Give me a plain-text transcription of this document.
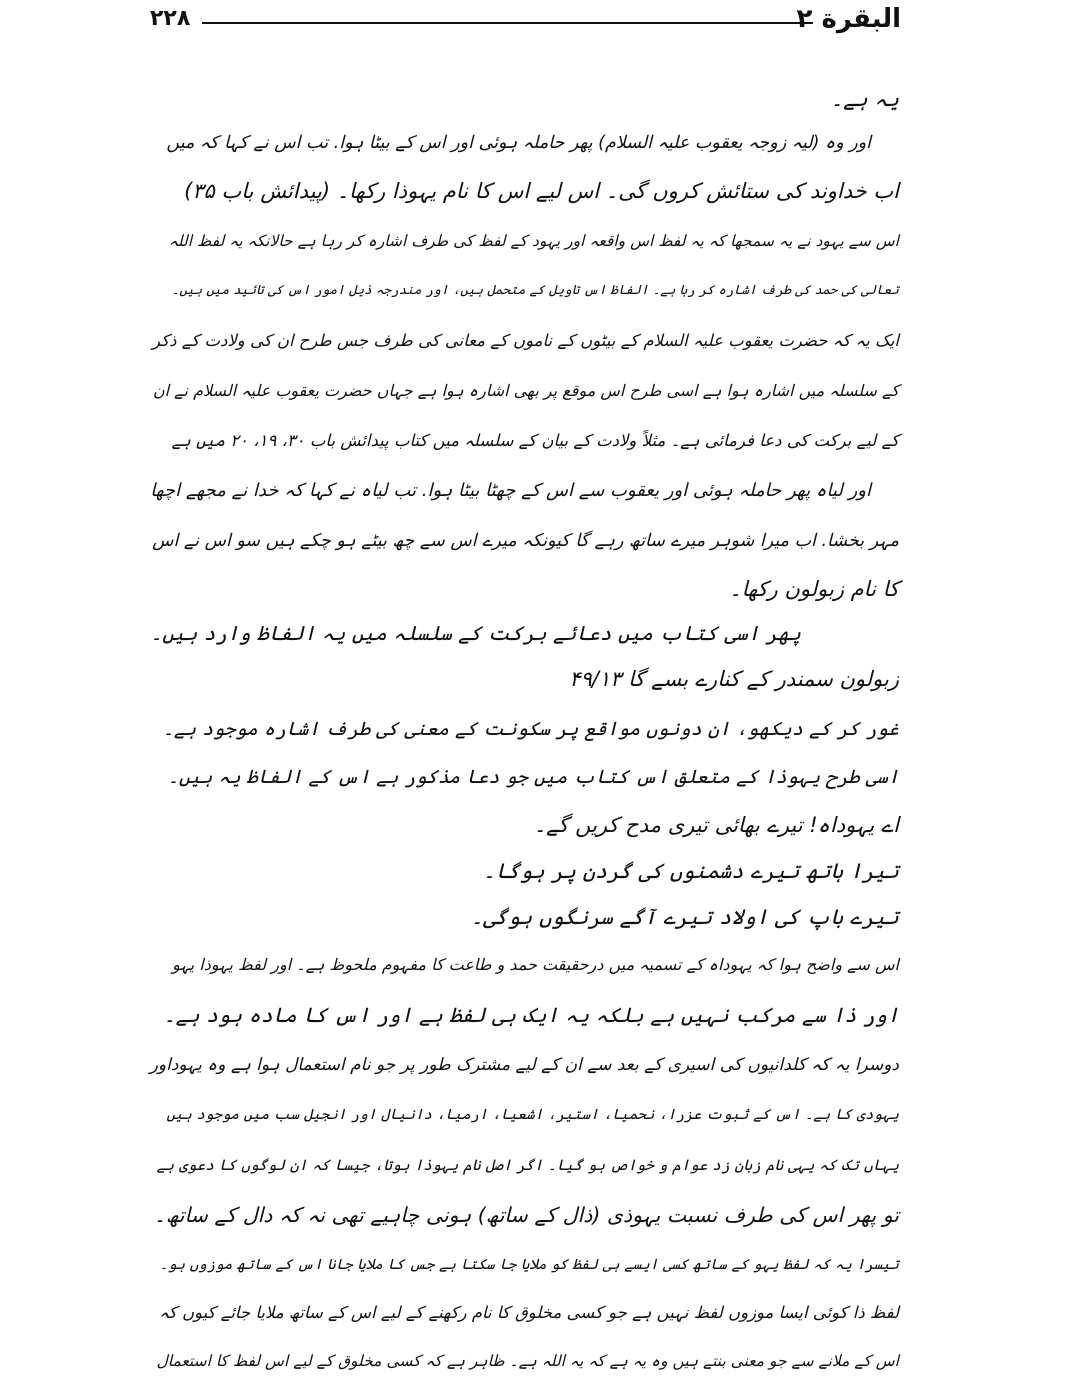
۲۲۸	البقرة ۲
یہ ہے۔
اور وہ (لیہ زوجہ یعقوب علیہ السلام) پھر حاملہ ہوئی اور اس کے بیٹا ہوا. تب اس نے کہا کہ میں
اب خداوند کی ستائش کروں گی۔ اس لیے اس کا نام یہوذا رکھا۔ (پیدائش باب ۳۵)
اس سے یہود نے یہ سمجھا کہ یہ لفظ اس واقعہ اور یہود کے لفظ کی طرف اشارہ کر رہا ہے حالانکہ یہ لفظ اللہ
تعالی کی حمد کی طرف اشارہ کر رہا ہے۔ الفاظ اس تاویل کے متحمل ہیں، اور مندرجہ ذیل امور اس کی تائید میں ہیں۔
ایک یہ کہ حضرت یعقوب علیہ السلام کے بیٹوں کے ناموں کے معانی کی طرف جس طرح ان کی ولادت کے ذکر
کے سلسلہ میں اشارہ ہوا ہے اسی طرح اس موقع پر بھی اشارہ ہوا ہے جہاں حضرت یعقوب علیہ السلام نے ان
کے لیے برکت کی دعا فرمائی ہے۔ مثلاً ولادت کے بیان کے سلسلہ میں کتاب پیدائش باب ۳۰، ۱۹، ۲۰ میں ہے
اور لیاہ پھر حاملہ ہوئی اور یعقوب سے اس کے چھٹا بیٹا ہوا. تب لیاہ نے کہا کہ خدا نے مجھے اچھا
مہر بخشا. اب میرا شوہر میرے ساتھ رہے گا کیونکہ میرے اس سے چھ بیٹے ہو چکے ہیں سو اس نے اس
کا نام زبولون رکھا۔
پھر اسی کتاب میں دعائے برکت کے سلسلہ میں یہ الفاظ وارد ہیں۔
زبولون سمندر کے کنارے بسے گا ۴۹/۱۳
غور کر کے دیکھو، ان دونوں مواقع پر سکونت کے معنی کی طرف اشارہ موجود ہے۔
اسی طرح یہوذا کے متعلق اس کتاب میں جو دعا مذکور ہے اس کے الفاظ یہ ہیں۔
اے یہوداہ! تیرے بھائی تیری مدح کریں گے۔
تیرا ہاتھ تیرے دشمنوں کی گردن پر ہوگا۔
تیرے باپ کی اولاد تیرے آگے سرنگوں ہوگی۔
اس سے واضح ہوا کہ یہوداہ کے تسمیہ میں درحقیقت حمد و طاعت کا مفہوم ملحوظ ہے۔ اور لفظ یہوذا یہو
اور ذا سے مرکب نہیں ہے بلکہ یہ ایک ہی لفظ ہے اور اس کا مادہ ہود ہے۔
دوسرا یہ کہ کلدانیوں کی اسیری کے بعد سے ان کے لیے مشترک طور پر جو نام استعمال ہوا ہے وہ یہوداور
یہودی کا ہے۔ اس کے ثبوت عزرا، نحمیا، استیر، اشعیا، ارمیا، دانیال اور انجیل سب میں موجود ہیں
یہاں تک کہ یہی نام زبان زد عوام و خواص ہو گیا۔ اگر اصل نام یہوذا ہوتا، جیسا کہ ان لوگوں کا دعوی ہے
تو پھر اس کی طرف نسبت یہوذی (ذال کے ساتھ) ہونی چاہیے تھی نہ کہ دال کے ساتھ۔
تیسرا یہ کہ لفظ یہو کے ساتھ کسی ایسے ہی لفظ کو ملایا جا سکتا ہے جس کا ملایا جانا اس کے ساتھ موزوں ہو۔
لفظ ذا کوئی ایسا موزوں لفظ نہیں ہے جو کسی مخلوق کا نام رکھنے کے لیے اس کے ساتھ ملایا جائے کیوں کہ
اس کے ملانے سے جو معنی بنتے ہیں وہ یہ ہے کہ یہ اللہ ہے۔ ظاہر ہے کہ کسی مخلوق کے لیے اس لفظ کا استعمال
